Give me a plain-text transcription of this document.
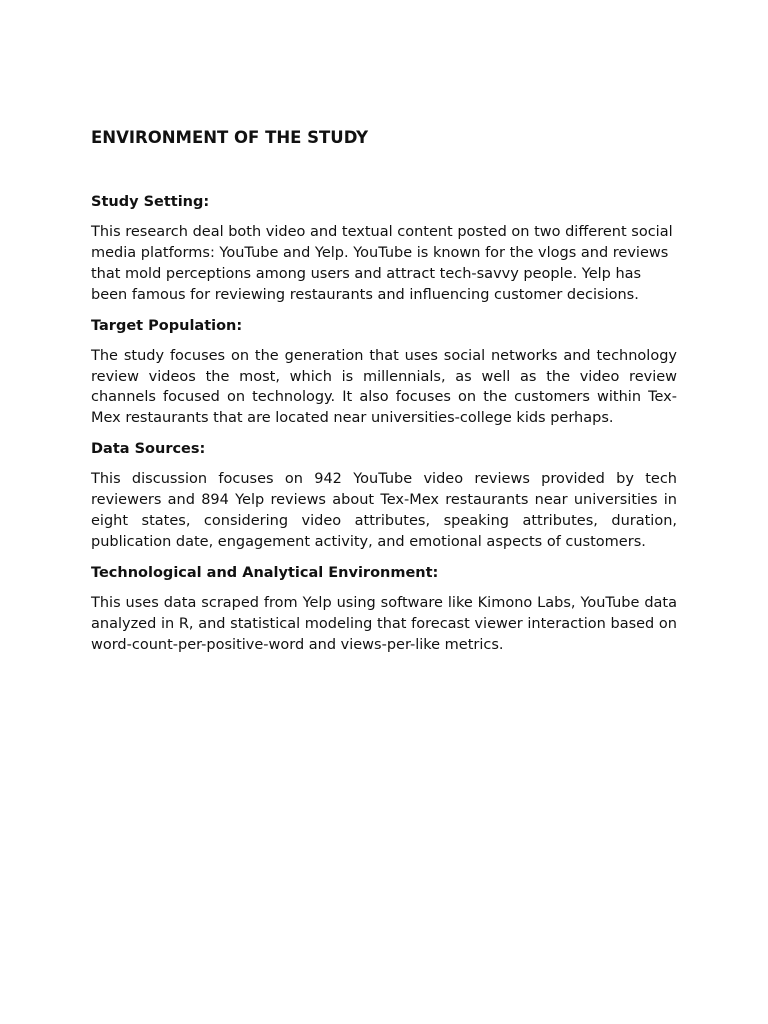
ENVIRONMENT OF THE STUDY
Study Setting:

This research deal both video and textual content posted on two different social media platforms: YouTube and Yelp. YouTube is known for the vlogs and reviews that mold perceptions among users and attract tech-savvy people. Yelp has been famous for reviewing restaurants and influencing customer decisions.

Target Population:

The study focuses on the generation that uses social networks and technology review videos the most, which is millennials, as well as the video review channels focused on technology. It also focuses on the customers within Tex-Mex restaurants that are located near universities-college kids perhaps.

Data Sources:

This discussion focuses on 942 YouTube video reviews provided by tech reviewers and 894 Yelp reviews about Tex-Mex restaurants near universities in eight states, considering video attributes, speaking attributes, duration, publication date, engagement activity, and emotional aspects of customers.

Technological and Analytical Environment:

This uses data scraped from Yelp using software like Kimono Labs, YouTube data analyzed in R, and statistical modeling that forecast viewer interaction based on word-count-per-positive-word and views-per-like metrics.
